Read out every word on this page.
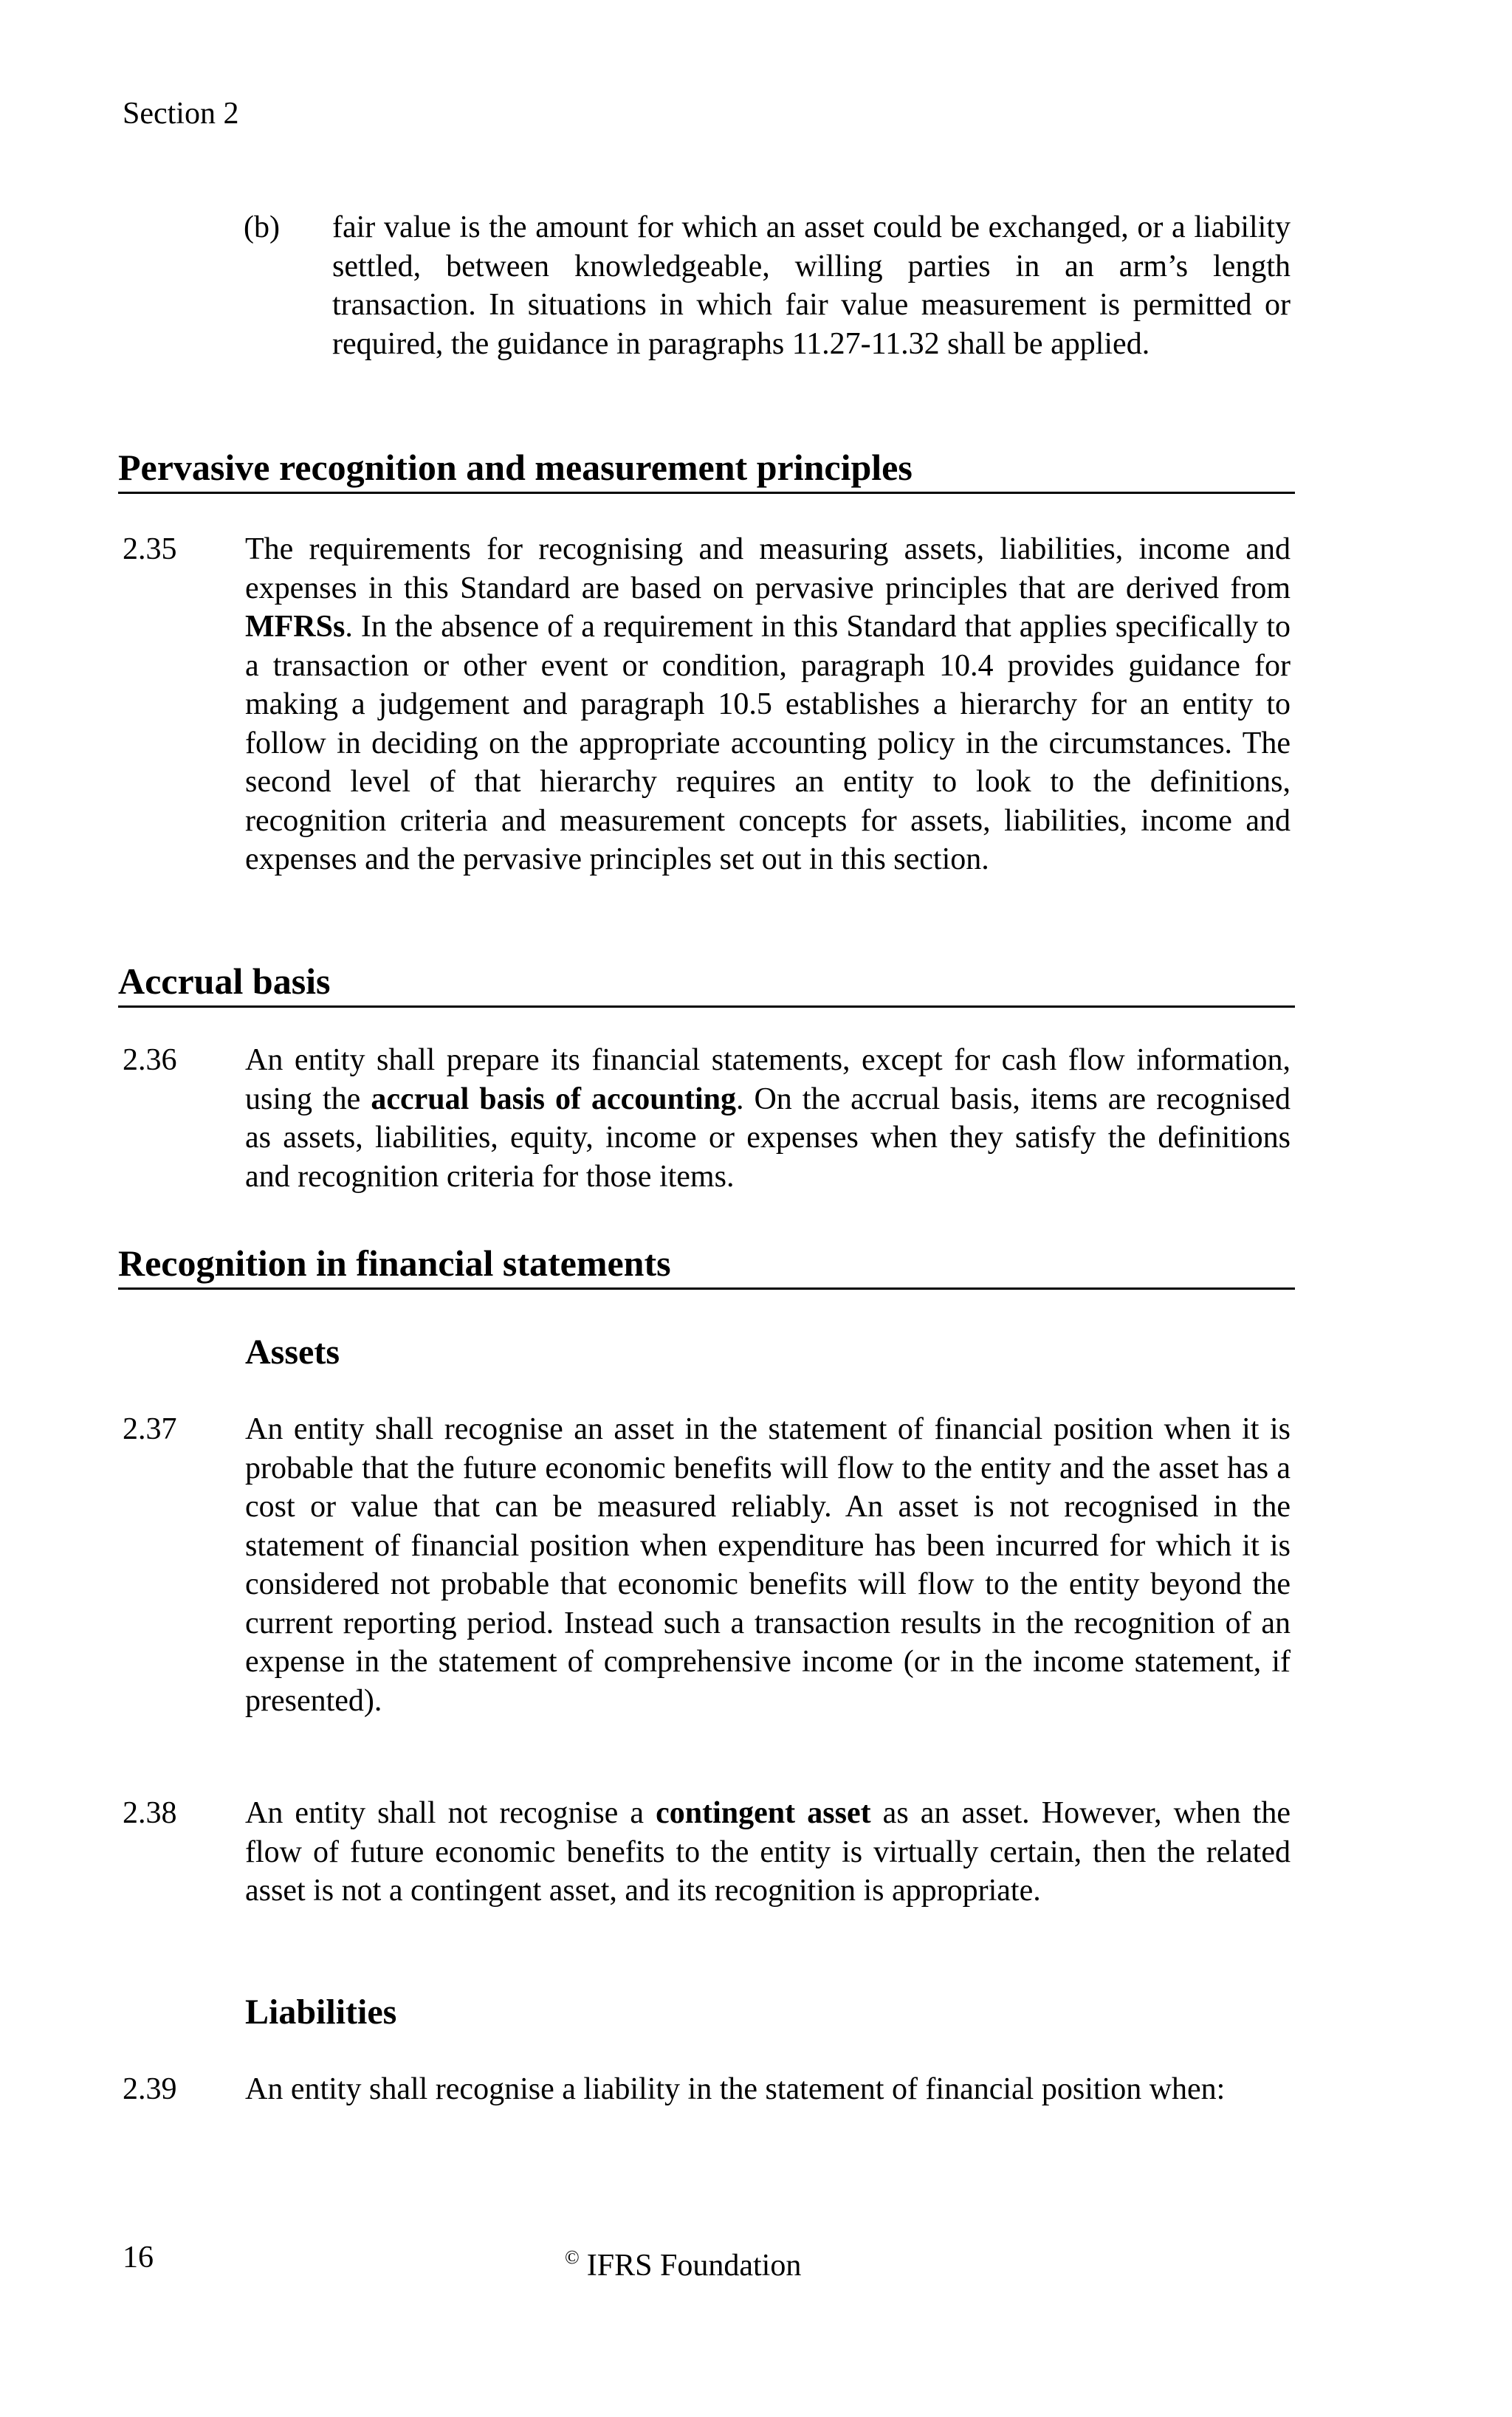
Section 2
(b) fair value is the amount for which an asset could be exchanged, or a liability settled, between knowledgeable, willing parties in an arm’s length transaction. In situations in which fair value measurement is permitted or required, the guidance in paragraphs 11.27-11.32 shall be applied.
Pervasive recognition and measurement principles
2.35 The requirements for recognising and measuring assets, liabilities, income and expenses in this Standard are based on pervasive principles that are derived from MFRSs. In the absence of a requirement in this Standard that applies specifically to a transaction or other event or condition, paragraph 10.4 provides guidance for making a judgement and paragraph 10.5 establishes a hierarchy for an entity to follow in deciding on the appropriate accounting policy in the circumstances. The second level of that hierarchy requires an entity to look to the definitions, recognition criteria and measurement concepts for assets, liabilities, income and expenses and the pervasive principles set out in this section.
Accrual basis
2.36 An entity shall prepare its financial statements, except for cash flow information, using the accrual basis of accounting. On the accrual basis, items are recognised as assets, liabilities, equity, income or expenses when they satisfy the definitions and recognition criteria for those items.
Recognition in financial statements
Assets
2.37 An entity shall recognise an asset in the statement of financial position when it is probable that the future economic benefits will flow to the entity and the asset has a cost or value that can be measured reliably. An asset is not recognised in the statement of financial position when expenditure has been incurred for which it is considered not probable that economic benefits will flow to the entity beyond the current reporting period. Instead such a transaction results in the recognition of an expense in the statement of comprehensive income (or in the income statement, if presented).
2.38 An entity shall not recognise a contingent asset as an asset. However, when the flow of future economic benefits to the entity is virtually certain, then the related asset is not a contingent asset, and its recognition is appropriate.
Liabilities
2.39 An entity shall recognise a liability in the statement of financial position when:
16	© IFRS Foundation
